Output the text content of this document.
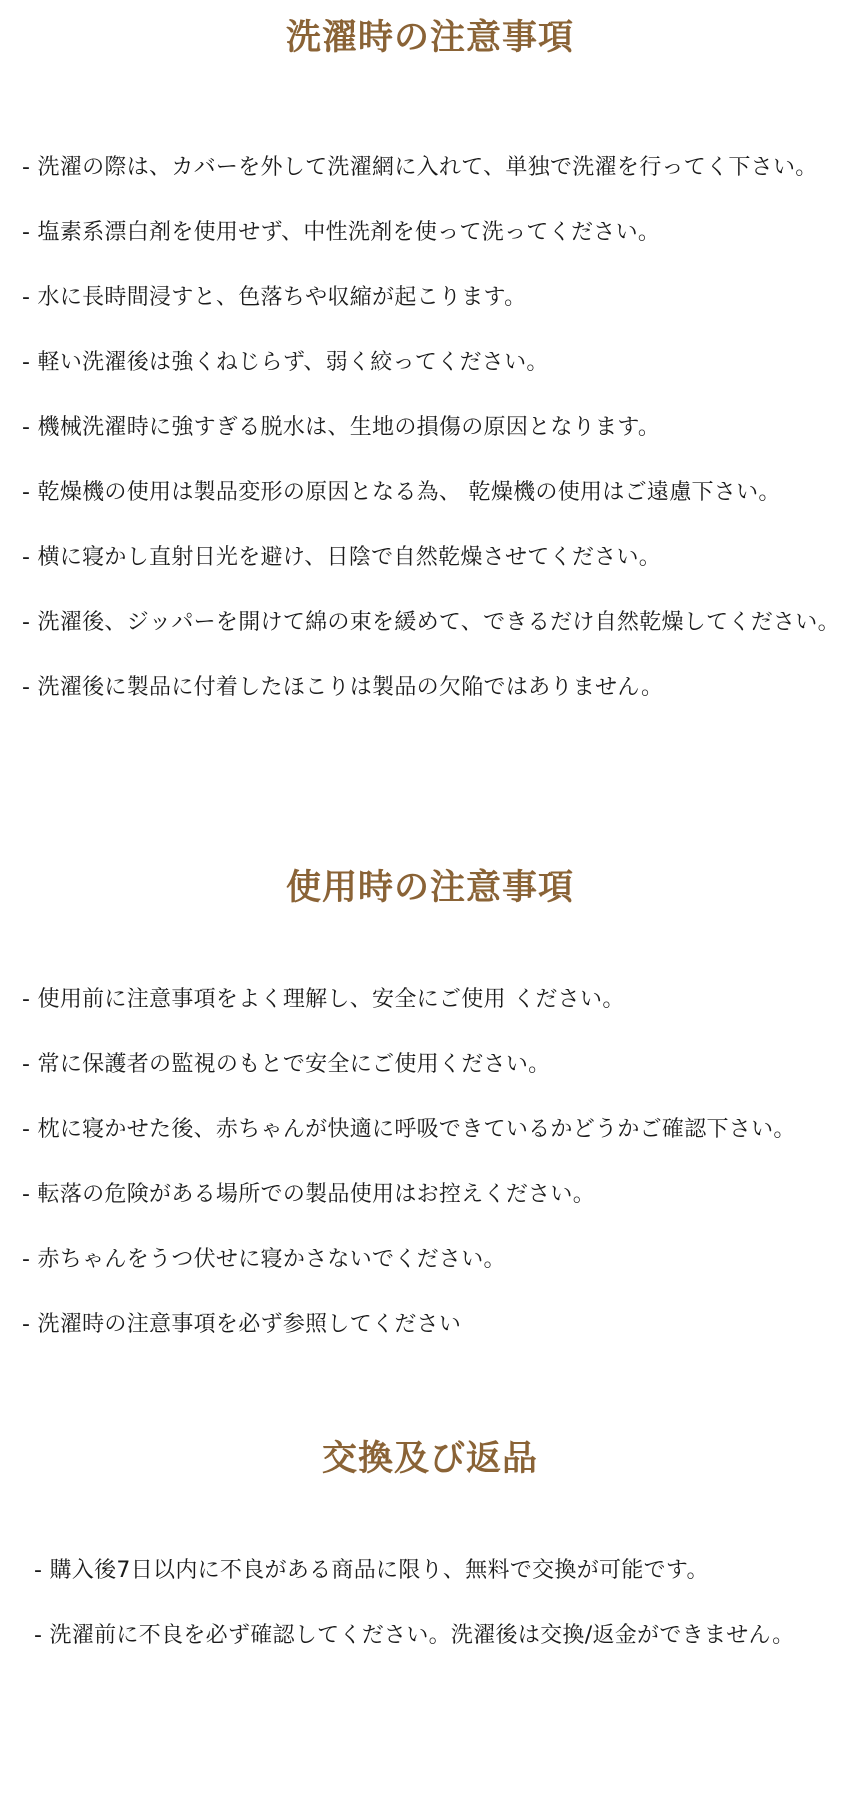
洗濯時の注意事項

- 洗濯の際は、カバーを外して洗濯網に入れて、単独で洗濯を行ってく下さい。

- 塩素系漂白剤を使用せず、中性洗剤を使って洗ってください。

- 水に長時間浸すと、色落ちや収縮が起こります。

- 軽い洗濯後は強くねじらず、弱く絞ってください。

- 機械洗濯時に強すぎる脱水は、生地の損傷の原因となります。

- 乾燥機の使用は製品変形の原因となる為、 乾燥機の使用はご遠慮下さい。

- 横に寝かし直射日光を避け、日陰で自然乾燥させてください。

- 洗濯後、ジッパーを開けて綿の束を緩めて、できるだけ自然乾燥してください。

- 洗濯後に製品に付着したほこりは製品の欠陥ではありません。

使用時の注意事項

- 使用前に注意事項をよく理解し、安全にご使用 ください。

- 常に保護者の監視のもとで安全にご使用ください。

- 枕に寝かせた後、赤ちゃんが快適に呼吸できているかどうかご確認下さい。

- 転落の危険がある場所での製品使用はお控えください。

- 赤ちゃんをうつ伏せに寝かさないでください。

- 洗濯時の注意事項を必ず参照してください

交換及び返品

- 購入後7日以内に不良がある商品に限り、無料で交換が可能です。

- 洗濯前に不良を必ず確認してください。洗濯後は交換/返金ができません。
